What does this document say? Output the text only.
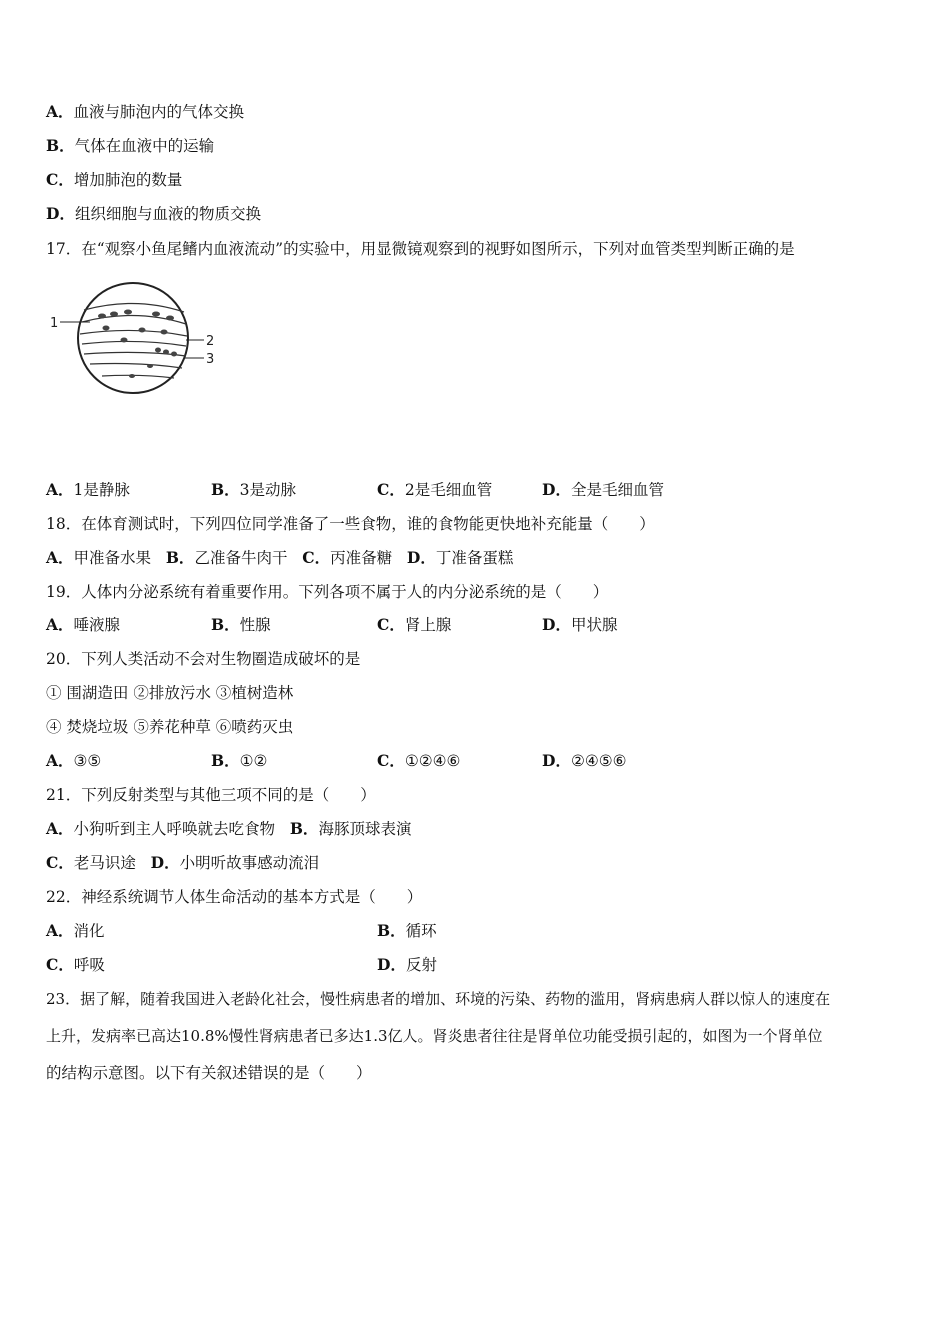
A．血液与肺泡内的气体交换
B．气体在血液中的运输
C．增加肺泡的数量
D．组织细胞与血液的物质交换
17．在“观察小鱼尾鳍内血液流动”的实验中，用显微镜观察到的视野如图所示，下列对血管类型判断正确的是
1
2
3
A．1是静脉	B．3是动脉	C．2是毛细血管	D．全是毛细血管
18．在体育测试时，下列四位同学准备了一些食物，谁的食物能更快地补充能量（　　）
A．甲准备水果 B．乙准备牛肉干 C．丙准备糖 D．丁准备蛋糕
19．人体内分泌系统有着重要作用。下列各项不属于人的内分泌系统的是（　　）
A．唾液腺	B．性腺	C．肾上腺	D．甲状腺
20．下列人类活动不会对生物圈造成破坏的是
① 围湖造田 ②排放污水 ③植树造林
④ 焚烧垃圾 ⑤养花种草 ⑥喷药灭虫
A．③⑤	B．①②	C．①②④⑥	D．②④⑤⑥
21．下列反射类型与其他三项不同的是（　　）
A．小狗听到主人呼唤就去吃食物 B．海豚顶球表演
C．老马识途 D．小明听故事感动流泪
22．神经系统调节人体生命活动的基本方式是（　　）
A．消化	B．循环
C．呼吸	D．反射
23．据了解，随着我国进入老龄化社会，慢性病患者的增加、环境的污染、药物的滥用，肾病患病人群以惊人的速度在
上升，发病率已高达10.8%慢性肾病患者已多达1.3亿人。肾炎患者往往是肾单位功能受损引起的，如图为一个肾单位
的结构示意图。以下有关叙述错误的是（　　）
